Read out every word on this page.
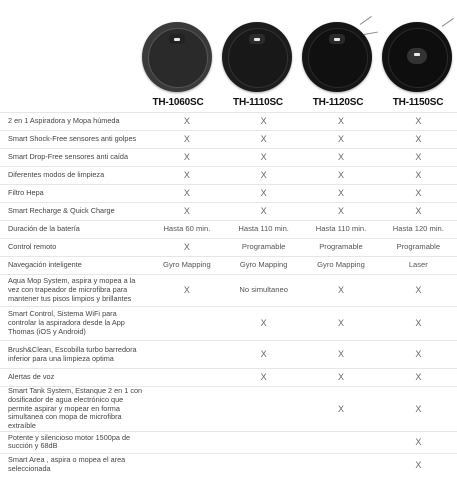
TH-1060SC	TH-1110SC	TH-1120SC	TH-1150SC
2 en 1 Aspiradora y Mopa húmeda	X	X	X	X
Smart Shock-Free sensores anti golpes	X	X	X	X
Smart Drop-Free sensores anti caída	X	X	X	X
Diferentes modos de limpieza	X	X	X	X
Filtro Hepa	X	X	X	X
Smart Recharge & Quick Charge	X	X	X	X
Duración de la batería	Hasta 60 min.	Hasta 110 min.	Hasta 110 min.	Hasta 120 min.
Control remoto	X	Programable	Programable	Programable
Navegación inteligente	Gyro Mapping	Gyro Mapping	Gyro Mapping	Laser
Aqua Mop System, aspira y mopea a la vez con trapeador de microfibra para mantener tus pisos limpios y brillantes	X	No simultaneo	X	X
Smart Control, Sistema WiFi para controlar la aspiradora desde la App Thomas (iOS y Android)		X	X	X
Brush&Clean, Escobilla turbo barredora inferior para una limpieza optima		X	X	X
Alertas de voz		X	X	X
Smart Tank System, Estanque 2 en 1 con dosificador de agua electrónico que permite aspirar y mopear en forma simultanea con mopa de microfibra extraíble			X	X
Potente y silencioso motor 1500pa de succión y 68dB				X
Smart Area , aspira o mopea el area seleccionada				X
